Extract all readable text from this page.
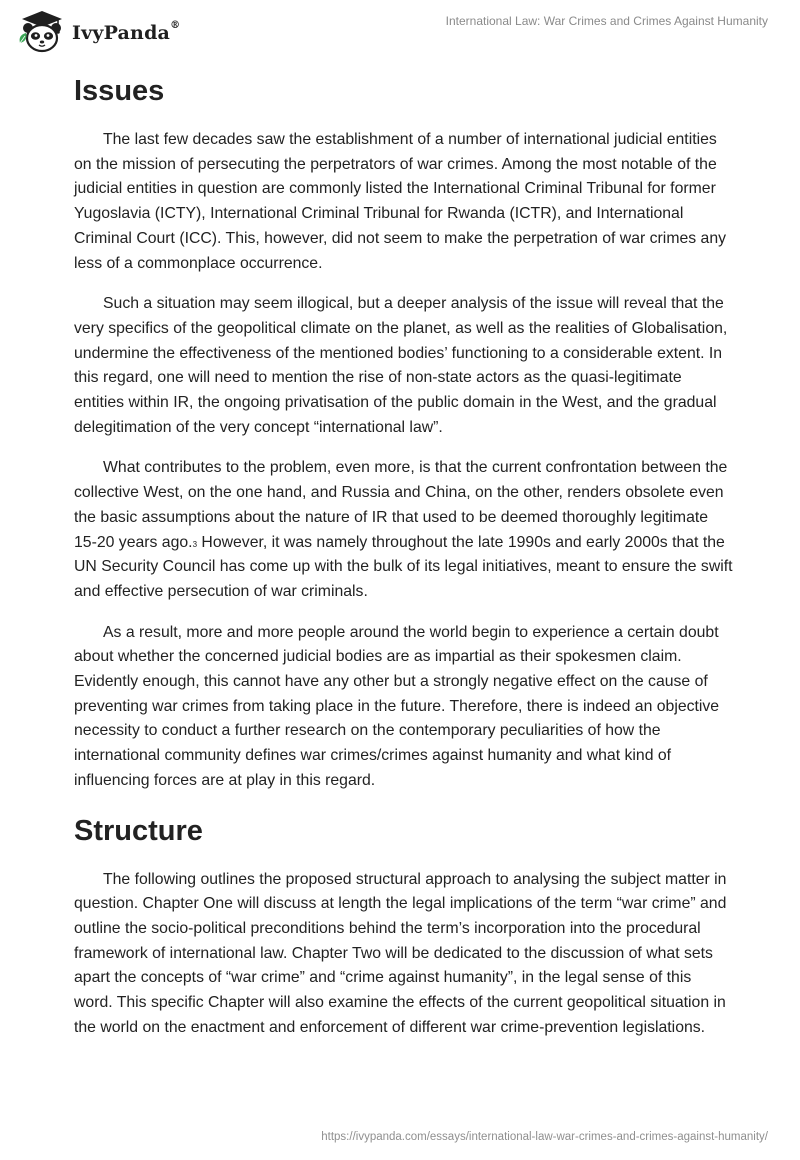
IvyPanda®	International Law: War Crimes and Crimes Against Humanity
Issues

The last few decades saw the establishment of a number of international judicial entities on the mission of persecuting the perpetrators of war crimes. Among the most notable of the judicial entities in question are commonly listed the International Criminal Tribunal for former Yugoslavia (ICTY), International Criminal Tribunal for Rwanda (ICTR), and International Criminal Court (ICC). This, however, did not seem to make the perpetration of war crimes any less of a commonplace occurrence.

Such a situation may seem illogical, but a deeper analysis of the issue will reveal that the very specifics of the geopolitical climate on the planet, as well as the realities of Globalisation, undermine the effectiveness of the mentioned bodies’ functioning to a considerable extent. In this regard, one will need to mention the rise of non-state actors as the quasi-legitimate entities within IR, the ongoing privatisation of the public domain in the West, and the gradual delegitimation of the very concept “international law”.

What contributes to the problem, even more, is that the current confrontation between the collective West, on the one hand, and Russia and China, on the other, renders obsolete even the basic assumptions about the nature of IR that used to be deemed thoroughly legitimate 15-20 years ago.$^3$ However, it was namely throughout the late 1990s and early 2000s that the UN Security Council has come up with the bulk of its legal initiatives, meant to ensure the swift and effective persecution of war criminals.

As a result, more and more people around the world begin to experience a certain doubt about whether the concerned judicial bodies are as impartial as their spokesmen claim. Evidently enough, this cannot have any other but a strongly negative effect on the cause of preventing war crimes from taking place in the future. Therefore, there is indeed an objective necessity to conduct a further research on the contemporary peculiarities of how the international community defines war crimes/crimes against humanity and what kind of influencing forces are at play in this regard.

Structure

The following outlines the proposed structural approach to analysing the subject matter in question. Chapter One will discuss at length the legal implications of the term “war crime” and outline the socio-political preconditions behind the term’s incorporation into the procedural framework of international law. Chapter Two will be dedicated to the discussion of what sets apart the concepts of “war crime” and “crime against humanity”, in the legal sense of this word. This specific Chapter will also examine the effects of the current geopolitical situation in the world on the enactment and enforcement of different war crime-prevention legislations.

https://ivypanda.com/essays/international-law-war-crimes-and-crimes-against-humanity/
